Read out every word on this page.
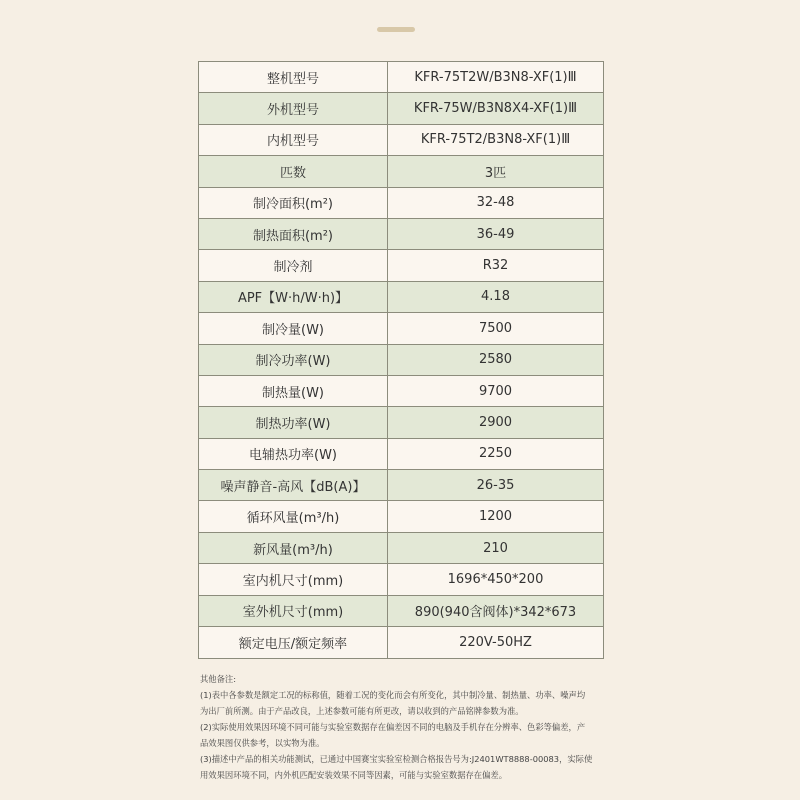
整机型号	KFR-75T2W/B3N8-XF(1)Ⅲ
外机型号	KFR-75W/B3N8X4-XF(1)Ⅲ
内机型号	KFR-75T2/B3N8-XF(1)Ⅲ
匹数	3匹
制冷面积(m²)	32-48
制热面积(m²)	36-49
制冷剂	R32
APF【W·h/W·h)】	4.18
制冷量(W)	7500
制冷功率(W)	2580
制热量(W)	9700
制热功率(W)	2900
电辅热功率(W)	2250
噪声静音-高风【dB(A)】	26-35
循环风量(m³/h)	1200
新风量(m³/h)	210
室内机尺寸(mm)	1696*450*200
室外机尺寸(mm)	890(940含阀体)*342*673
额定电压/额定频率	220V-50HZ
其他备注:
(1)表中各参数是额定工况的标称值，随着工况的变化而会有所变化，其中制冷量、制热量、功率、噪声均
为出厂前所测。由于产品改良，上述参数可能有所更改，请以收到的产品铭牌参数为准。
(2)实际使用效果因环境不同可能与实验室数据存在偏差因不同的电脑及手机存在分辨率、色彩等偏差，产
品效果图仅供参考，以实物为准。
(3)描述中产品的相关功能测试，已通过中国赛宝实验室检测合格报告号为:J2401WT8888-00083，实际使
用效果因环境不同，内外机匹配安装效果不同等因素，可能与实验室数据存在偏差。
